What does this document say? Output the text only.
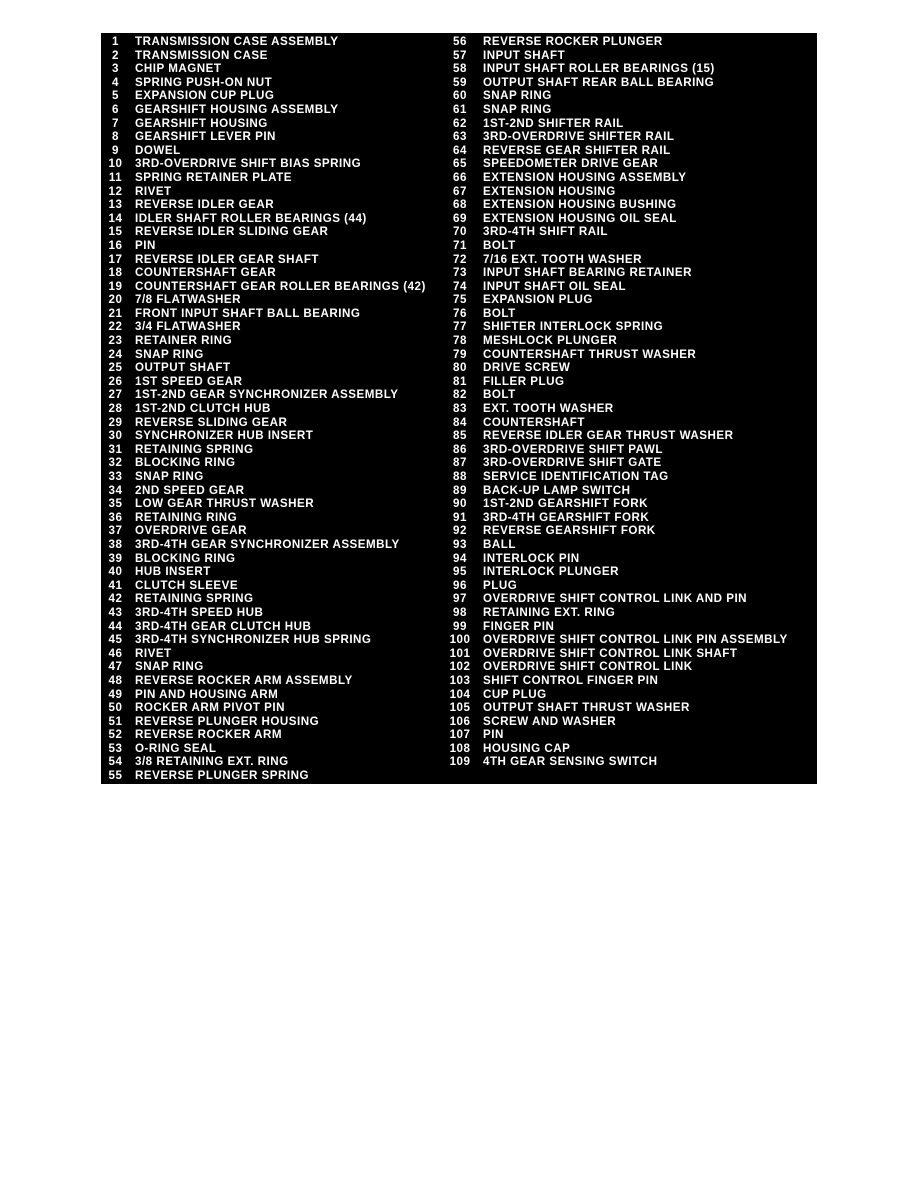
1	TRANSMISSION CASE ASSEMBLY
2	TRANSMISSION CASE
3	CHIP MAGNET
4	SPRING PUSH-ON NUT
5	EXPANSION CUP PLUG
6	GEARSHIFT HOUSING ASSEMBLY
7	GEARSHIFT HOUSING
8	GEARSHIFT LEVER PIN
9	DOWEL
10	3RD-OVERDRIVE SHIFT BIAS SPRING
11	SPRING RETAINER PLATE
12	RIVET
13	REVERSE IDLER GEAR
14	IDLER SHAFT ROLLER BEARINGS (44)
15	REVERSE IDLER SLIDING GEAR
16	PIN
17	REVERSE IDLER GEAR SHAFT
18	COUNTERSHAFT GEAR
19	COUNTERSHAFT GEAR ROLLER BEARINGS (42)
20	7/8 FLATWASHER
21	FRONT INPUT SHAFT BALL BEARING
22	3/4 FLATWASHER
23	RETAINER RING
24	SNAP RING
25	OUTPUT SHAFT
26	1ST SPEED GEAR
27	1ST-2ND GEAR SYNCHRONIZER ASSEMBLY
28	1ST-2ND CLUTCH HUB
29	REVERSE SLIDING GEAR
30	SYNCHRONIZER HUB INSERT
31	RETAINING SPRING
32	BLOCKING RING
33	SNAP RING
34	2ND SPEED GEAR
35	LOW GEAR THRUST WASHER
36	RETAINING RING
37	OVERDRIVE GEAR
38	3RD-4TH GEAR SYNCHRONIZER ASSEMBLY
39	BLOCKING RING
40	HUB INSERT
41	CLUTCH SLEEVE
42	RETAINING SPRING
43	3RD-4TH SPEED HUB
44	3RD-4TH GEAR CLUTCH HUB
45	3RD-4TH SYNCHRONIZER HUB SPRING
46	RIVET
47	SNAP RING
48	REVERSE ROCKER ARM ASSEMBLY
49	PIN AND HOUSING ARM
50	ROCKER ARM PIVOT PIN
51	REVERSE PLUNGER HOUSING
52	REVERSE ROCKER ARM
53	O-RING SEAL
54	3/8 RETAINING EXT. RING
55	REVERSE PLUNGER SPRING
56	REVERSE ROCKER PLUNGER
57	INPUT SHAFT
58	INPUT SHAFT ROLLER BEARINGS (15)
59	OUTPUT SHAFT REAR BALL BEARING
60	SNAP RING
61	SNAP RING
62	1ST-2ND SHIFTER RAIL
63	3RD-OVERDRIVE SHIFTER RAIL
64	REVERSE GEAR SHIFTER RAIL
65	SPEEDOMETER DRIVE GEAR
66	EXTENSION HOUSING ASSEMBLY
67	EXTENSION HOUSING
68	EXTENSION HOUSING BUSHING
69	EXTENSION HOUSING OIL SEAL
70	3RD-4TH SHIFT RAIL
71	BOLT
72	7/16 EXT. TOOTH WASHER
73	INPUT SHAFT BEARING RETAINER
74	INPUT SHAFT OIL SEAL
75	EXPANSION PLUG
76	BOLT
77	SHIFTER INTERLOCK SPRING
78	MESHLOCK PLUNGER
79	COUNTERSHAFT THRUST WASHER
80	DRIVE SCREW
81	FILLER PLUG
82	BOLT
83	EXT. TOOTH WASHER
84	COUNTERSHAFT
85	REVERSE IDLER GEAR THRUST WASHER
86	3RD-OVERDRIVE SHIFT PAWL
87	3RD-OVERDRIVE SHIFT GATE
88	SERVICE IDENTIFICATION TAG
89	BACK-UP LAMP SWITCH
90	1ST-2ND GEARSHIFT FORK
91	3RD-4TH GEARSHIFT FORK
92	REVERSE GEARSHIFT FORK
93	BALL
94	INTERLOCK PIN
95	INTERLOCK PLUNGER
96	PLUG
97	OVERDRIVE SHIFT CONTROL LINK AND PIN
98	RETAINING EXT. RING
99	FINGER PIN
100	OVERDRIVE SHIFT CONTROL LINK PIN ASSEMBLY
101	OVERDRIVE SHIFT CONTROL LINK SHAFT
102	OVERDRIVE SHIFT CONTROL LINK
103	SHIFT CONTROL FINGER PIN
104	CUP PLUG
105	OUTPUT SHAFT THRUST WASHER
106	SCREW AND WASHER
107	PIN
108	HOUSING CAP
109	4TH GEAR SENSING SWITCH
